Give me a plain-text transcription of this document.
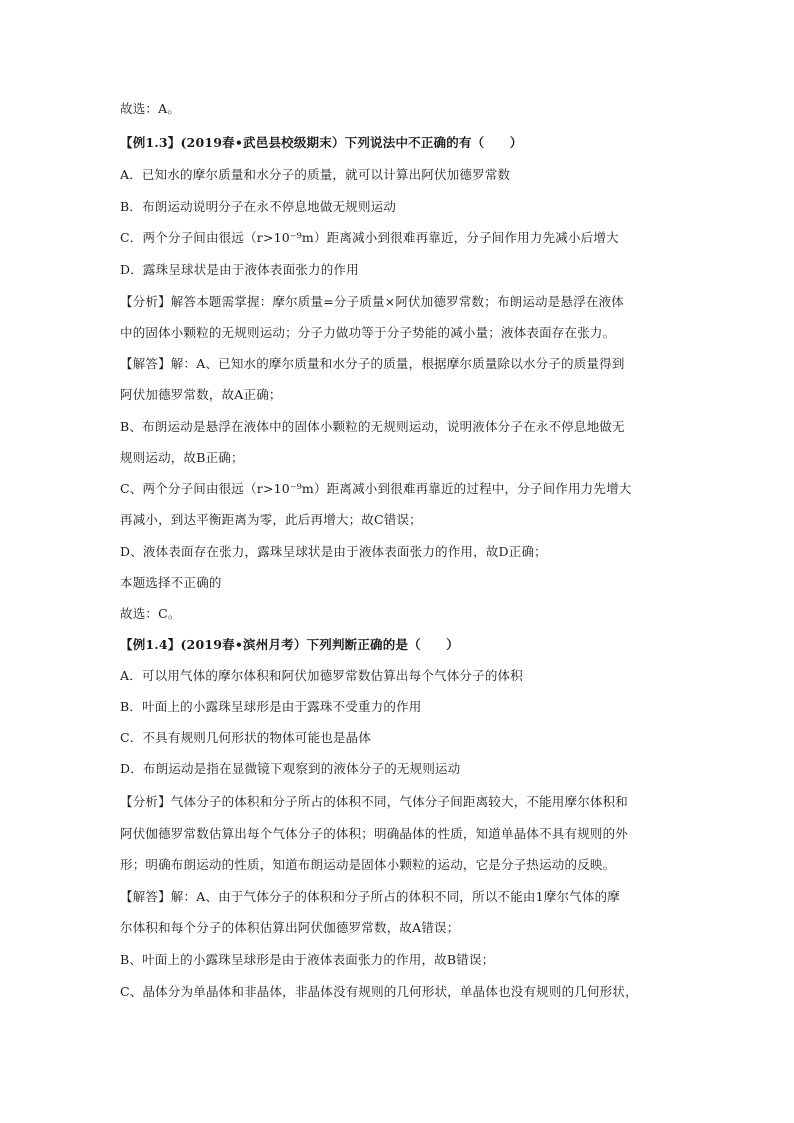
故选：A。
【例1.3】(2019春•武邑县校级期末）下列说法中不正确的有（　　）
A．已知水的摩尔质量和水分子的质量，就可以计算出阿伏加德罗常数
B．布朗运动说明分子在永不停息地做无规则运动
C．两个分子间由很远（r>10⁻⁹m）距离减小到很难再靠近，分子间作用力先减小后增大
D．露珠呈球状是由于液体表面张力的作用
【分析】解答本题需掌握：摩尔质量=分子质量×阿伏加德罗常数；布朗运动是悬浮在液体
中的固体小颗粒的无规则运动；分子力做功等于分子势能的减小量；液体表面存在张力。
【解答】解：A、已知水的摩尔质量和水分子的质量，根据摩尔质量除以水分子的质量得到
阿伏加德罗常数，故A正确；
B、布朗运动是悬浮在液体中的固体小颗粒的无规则运动，说明液体分子在永不停息地做无
规则运动，故B正确；
C、两个分子间由很远（r>10⁻⁹m）距离减小到很难再靠近的过程中，分子间作用力先增大
再减小，到达平衡距离为零，此后再增大；故C错误；
D、液体表面存在张力，露珠呈球状是由于液体表面张力的作用，故D正确；
本题选择不正确的
故选：C。
【例1.4】(2019春•滨州月考）下列判断正确的是（　　）
A．可以用气体的摩尔体积和阿伏加德罗常数估算出每个气体分子的体积
B．叶面上的小露珠呈球形是由于露珠不受重力的作用
C．不具有规则几何形状的物体可能也是晶体
D．布朗运动是指在显微镜下观察到的液体分子的无规则运动
【分析】气体分子的体积和分子所占的体积不同，气体分子间距离较大，不能用摩尔体积和
阿伏伽德罗常数估算出每个气体分子的体积；明确晶体的性质，知道单晶体不具有规则的外
形；明确布朗运动的性质，知道布朗运动是固体小颗粒的运动，它是分子热运动的反映。
【解答】解：A、由于气体分子的体积和分子所占的体积不同，所以不能由1摩尔气体的摩
尔体积和每个分子的体积估算出阿伏伽德罗常数，故A错误；
B、叶面上的小露珠呈球形是由于液体表面张力的作用，故B错误；
C、晶体分为单晶体和非晶体，非晶体没有规则的几何形状，单晶体也没有规则的几何形状，
